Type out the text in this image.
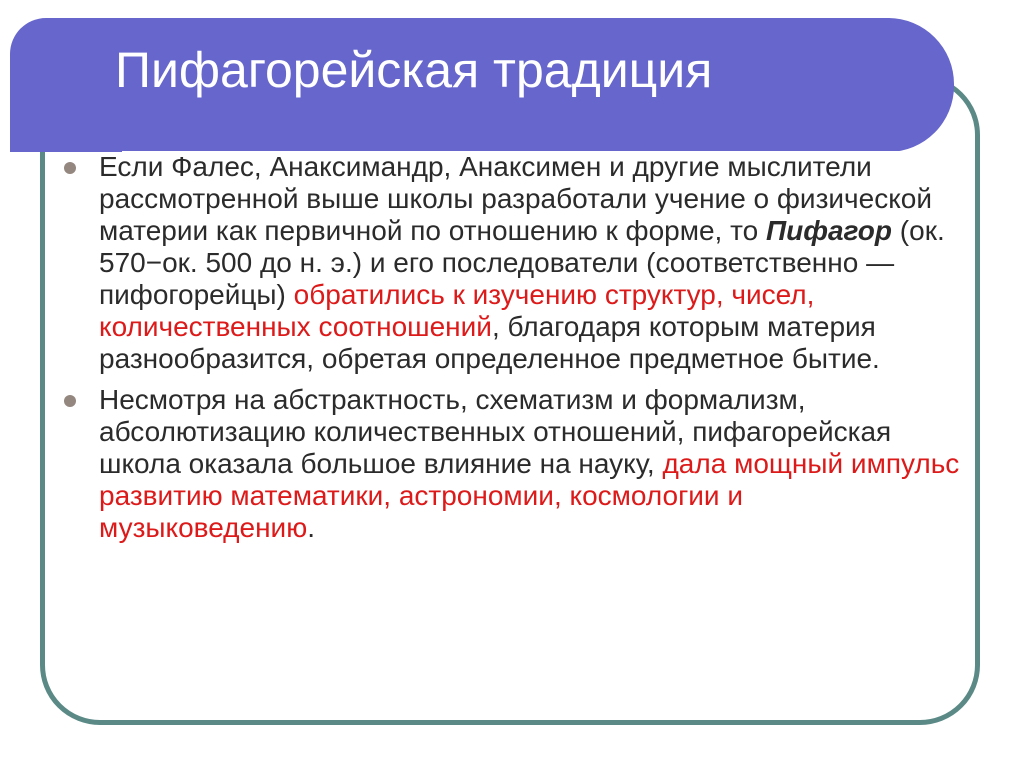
Пифагорейская традиция
Если Фалес, Анаксимандр, Анаксимен и другие мыслители рассмотренной выше школы разработали учение о физической материи как первичной по отношению к форме, то Пифагор (ок. 570−ок. 500 до н. э.) и его последователи (соответственно — пифогорейцы) обратились к изучению структур, чисел, количественных соотношений, благодаря которым материя разнообразится, обретая определенное предметное бытие.
Несмотря на абстрактность, схематизм и формализм, абсолютизацию количественных отношений, пифагорейская школа оказала большое влияние на науку, дала мощный импульс развитию математики, астрономии, космологии и музыковедению.
